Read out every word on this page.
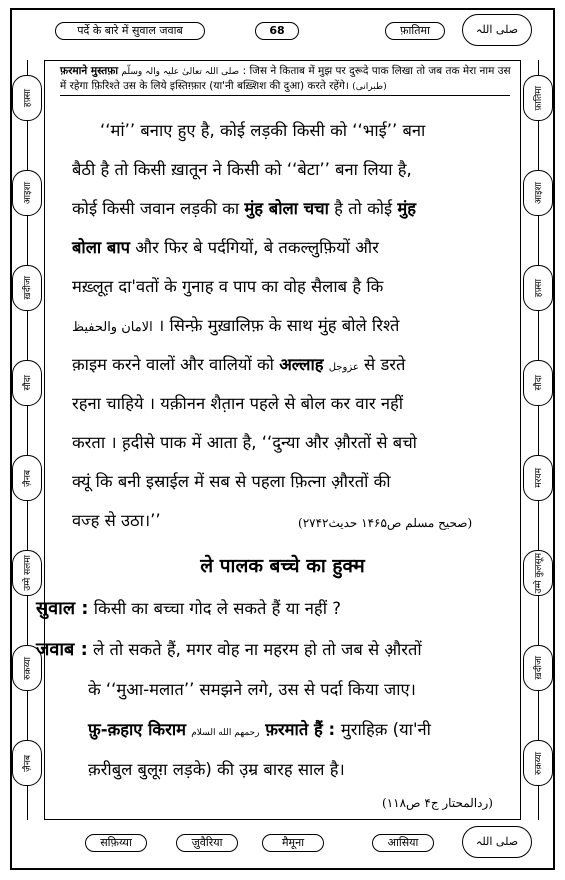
पर्दे के बारे में सुवाल जवाब	68	फ़ातिमा	صلی اللہ
हफ़्सा
आइशा
ख़दीजा
सौदा
ज़ैनब
उम्मे सलमा
रुक़य्या
ज़ैनब
फ़ातिमा
आइशा
हफ़्सा
सौदा
मरयम
उम्मे कुलसूम
ख़दीजा
रुक़य्या
फ़रमाने मुस्तफ़ा صلی اللہ تعالیٰ علیہ والہ وسلّم : जिस ने किताब में मुझ पर दुरूदे पाक लिखा तो जब तक मेरा नाम उस में रहेगा फ़िरिश्ते उस के लिये इस्तिग़्फ़ार (या'नी बख़्शिश की दुआ) करते रहेंगे। (طبرانی)
‘‘मां’’ बनाए हुए है, कोई लड़की किसी को ‘‘भाई’’ बना
बैठी है तो किसी ख़ातून ने किसी को ‘‘बेटा’’ बना लिया है,
कोई किसी जवान लड़की का मुंह बोला चचा है तो कोई मुंह
बोला बाप और फिर बे पर्दगियों, बे तकल्लुफ़ियों और
मख़्लूत़ दा'वतों के गुनाह व पाप का वोह सैलाब है कि
الامان والحفیظ । सिन्फ़े मुख़ालिफ़ के साथ मुंह बोले रिश्ते
क़ाइम करने वालों और वालियों को अल्लाह عزوجل से डरते
रहना चाहिये । यक़ीनन शैत़ान पहले से बोल कर वार नहीं
करता । ह़दीसे पाक में आता है, ‘‘दुन्या और औ़रतों से बचो
क्यूं कि बनी इस्राईल में सब से पहला फ़ित्ना औ़रतों की
वज्ह से उठा।’’	(صحیح مسلم ص۱۴۶۵ حدیث۲۷۴۲)
ले पालक बच्चे का हुक्म
सुवाल : किसी का बच्चा गोद ले सकते हैं या नहीं ?
जवाब : ले तो सकते हैं, मगर वोह ना महरम हो तो जब से औ़रतों
के ‘‘मुआ-मलात’’ समझने लगे, उस से पर्दा किया जाए।
फ़ु-क़हाए किराम رحمهم الله السلام फ़रमाते हैं : मुराहिक़ (या'नी
क़रीबुल बुलूग़ लड़के) की उ़म्र बारह साल है।
(ردالمحتار ج۴ ص۱۱۸)
सफ़िय्या	जु़वैरिया	मैमूना	आसिया	صلی اللہ
